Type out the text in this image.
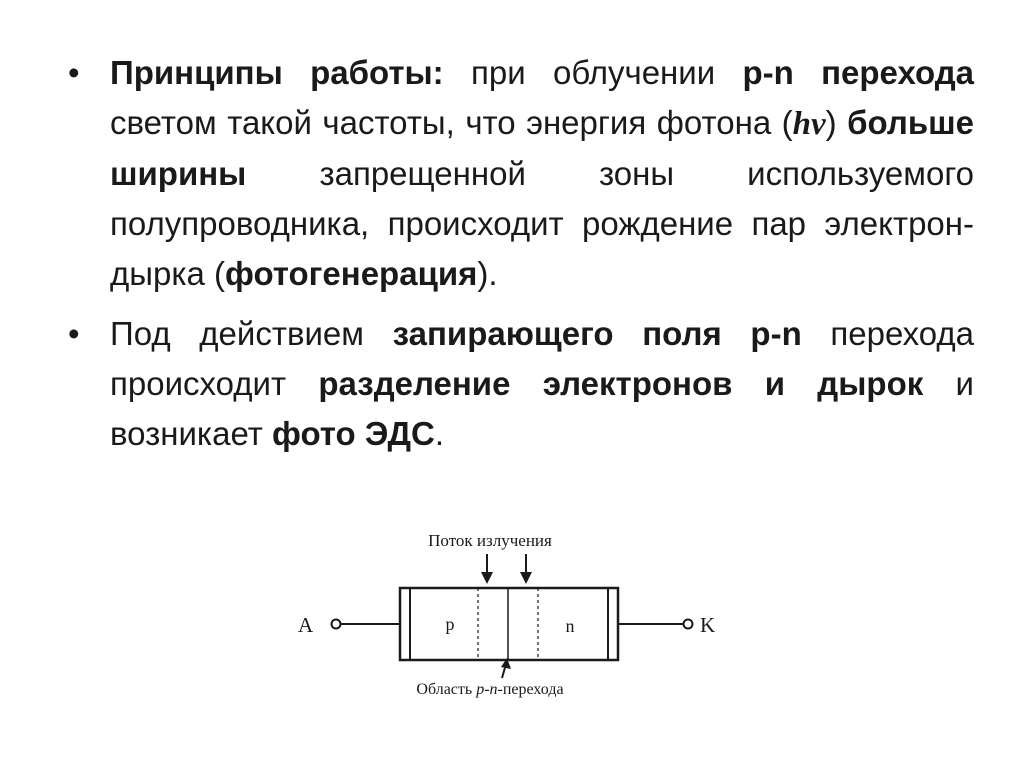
• Принципы работы: при облучении p-n перехода светом такой частоты, что энергия фотона (hv) больше ширины запрещенной зоны используемого полупроводника, происходит рождение пар электрон-дырка (фотогенерация).
• Под действием запирающего поля p-n перехода происходит разделение электронов и дырок и возникает фото ЭДС.
Поток излучения
p	n
A	K
Область p-n-перехода
